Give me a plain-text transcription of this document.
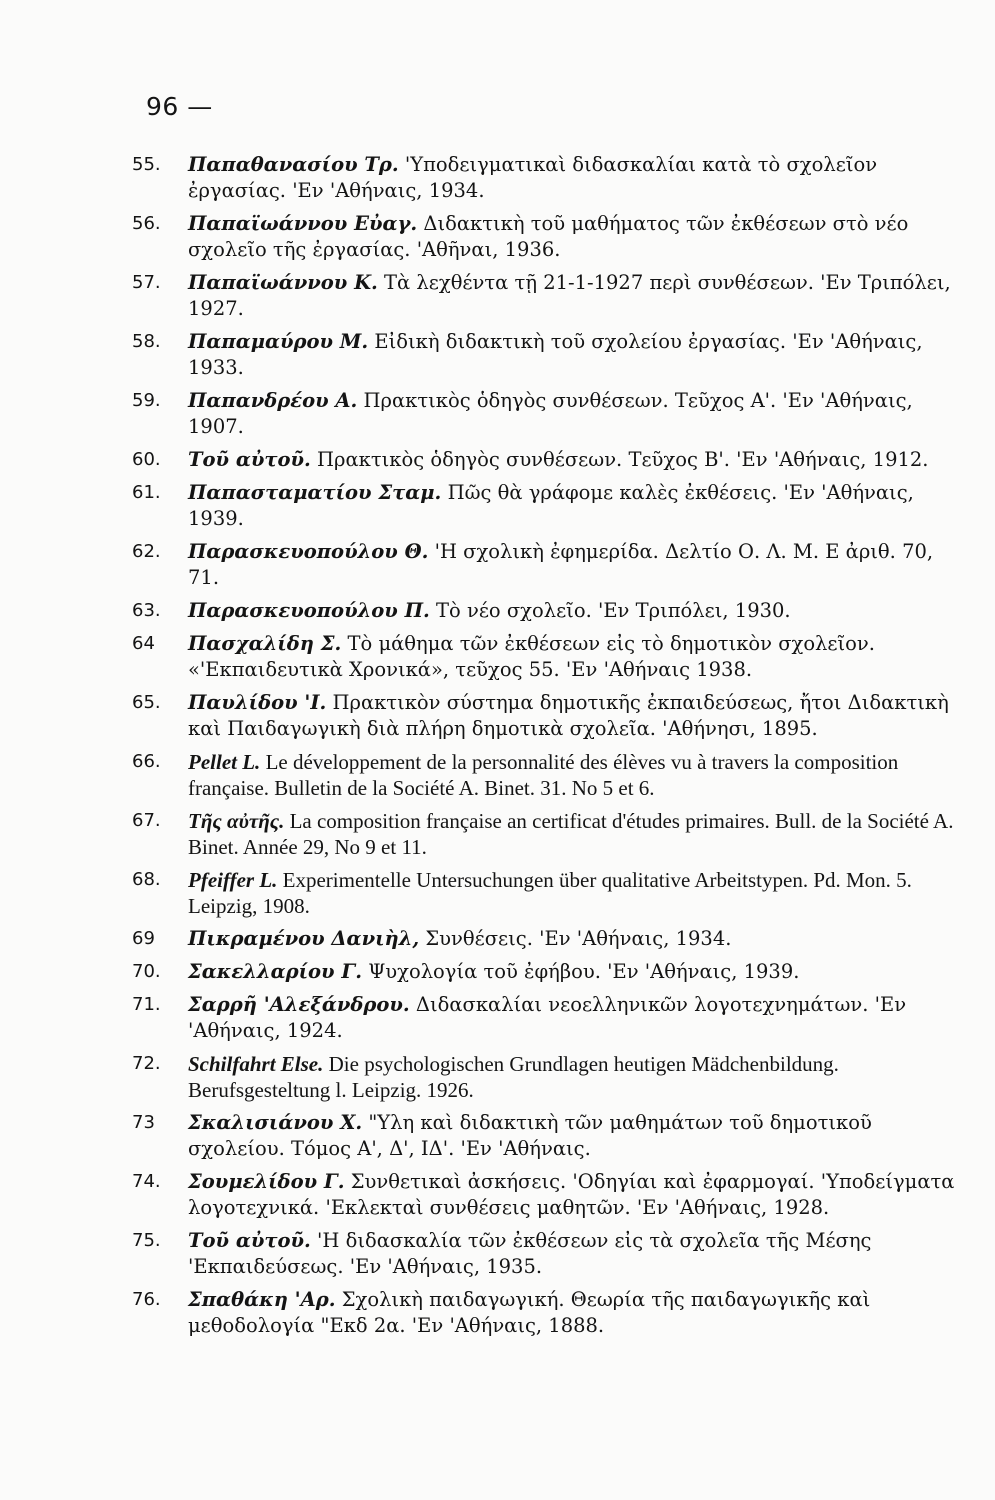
96 —
55.	Παπαθανασίου Τρ. 'Υποδειγματικαὶ διδασκαλίαι κατὰ τὸ σχολεῖον ἐργασίας. 'Εν 'Αθήναις, 1934.
56.	Παπαϊωάννου Εὐαγ. Διδακτικὴ τοῦ μαθήματος τῶν ἐκθέσεων στὸ νέο σχολεῖο τῆς ἐργασίας. 'Αθῆναι, 1936.
57.	Παπαϊωάννου Κ. Τὰ λεχθέντα τῇ 21-1-1927 περὶ συνθέσεων. 'Εν Τριπόλει, 1927.
58.	Παπαμαύρου Μ. Εἰδικὴ διδακτικὴ τοῦ σχολείου ἐργασίας. 'Εν 'Αθήναις, 1933.
59.	Παπανδρέου Α. Πρακτικὸς ὁδηγὸς συνθέσεων. Τεῦχος Α'. 'Εν 'Αθήναις, 1907.
60.	Τοῦ αὐτοῦ. Πρακτικὸς ὁδηγὸς συνθέσεων. Τεῦχος Β'. 'Εν 'Αθήναις, 1912.
61.	Παπασταματίου Σταμ. Πῶς θὰ γράφομε καλὲς ἐκθέσεις. 'Εν 'Αθήναις, 1939.
62.	Παρασκευοπούλου Θ. 'Η σχολικὴ ἐφημερίδα. Δελτίο Ο. Λ. Μ. Ε ἀριθ. 70, 71.
63.	Παρασκευοπούλου Π. Τὸ νέο σχολεῖο. 'Εν Τριπόλει, 1930.
64	Πασχαλίδη Σ. Τὸ μάθημα τῶν ἐκθέσεων εἰς τὸ δημοτικὸν σχολεῖον. «'Εκπαιδευτικὰ Χρονικά», τεῦχος 55. 'Εν 'Αθήναις 1938.
65.	Παυλίδου 'Ι. Πρακτικὸν σύστημα δημοτικῆς ἐκπαιδεύσεως, ἤτοι Διδακτικὴ καὶ Παιδαγωγικὴ διὰ πλήρη δημοτικὰ σχολεῖα. 'Αθήνησι, 1895.
66.	Pellet L. Le développement de la personnalité des élèves vu à travers la composition française. Bulletin de la Société A. Binet. 31. No 5 et 6.
67.	Τῆς αὐτῆς. La composition française an certificat d'études primaires. Bull. de la Société A. Binet. Année 29, No 9 et 11.
68.	Pfeiffer L. Experimentelle Untersuchungen über qualitative Arbeitstypen. Pd. Mon. 5. Leipzig, 1908.
69	Πικραμένου Δανιὴλ, Συνθέσεις. 'Εν 'Αθήναις, 1934.
70.	Σακελλαρίου Γ. Ψυχολογία τοῦ ἐφήβου. 'Εν 'Αθήναις, 1939.
71.	Σαρρῆ 'Αλεξάνδρου. Διδασκαλίαι νεοελληνικῶν λογοτεχνημάτων. 'Εν 'Αθήναις, 1924.
72.	Schilfahrt Else. Die psychologischen Grundlagen heutigen Mädchenbildung. Berufsgesteltung l. Leipzig. 1926.
73	Σκαλισιάνου Χ. "Υλη καὶ διδακτικὴ τῶν μαθημάτων τοῦ δημοτικοῦ σχολείου. Τόμος Α', Δ', ΙΔ'. 'Εν 'Αθήναις.
74.	Σουμελίδου Γ. Συνθετικαὶ ἀσκήσεις. 'Οδηγίαι καὶ ἐφαρμογαί. 'Υποδείγματα λογοτεχνικά. 'Εκλεκταὶ συνθέσεις μαθητῶν. 'Εν 'Αθήναις, 1928.
75.	Τοῦ αὐτοῦ. 'Η διδασκαλία τῶν ἐκθέσεων εἰς τὰ σχολεῖα τῆς Μέσης 'Εκπαιδεύσεως. 'Εν 'Αθήναις, 1935.
76.	Σπαθάκη 'Αρ. Σχολικὴ παιδαγωγική. Θεωρία τῆς παιδαγωγικῆς καὶ μεθοδολογία "Εκδ 2α. 'Εν 'Αθήναις, 1888.
